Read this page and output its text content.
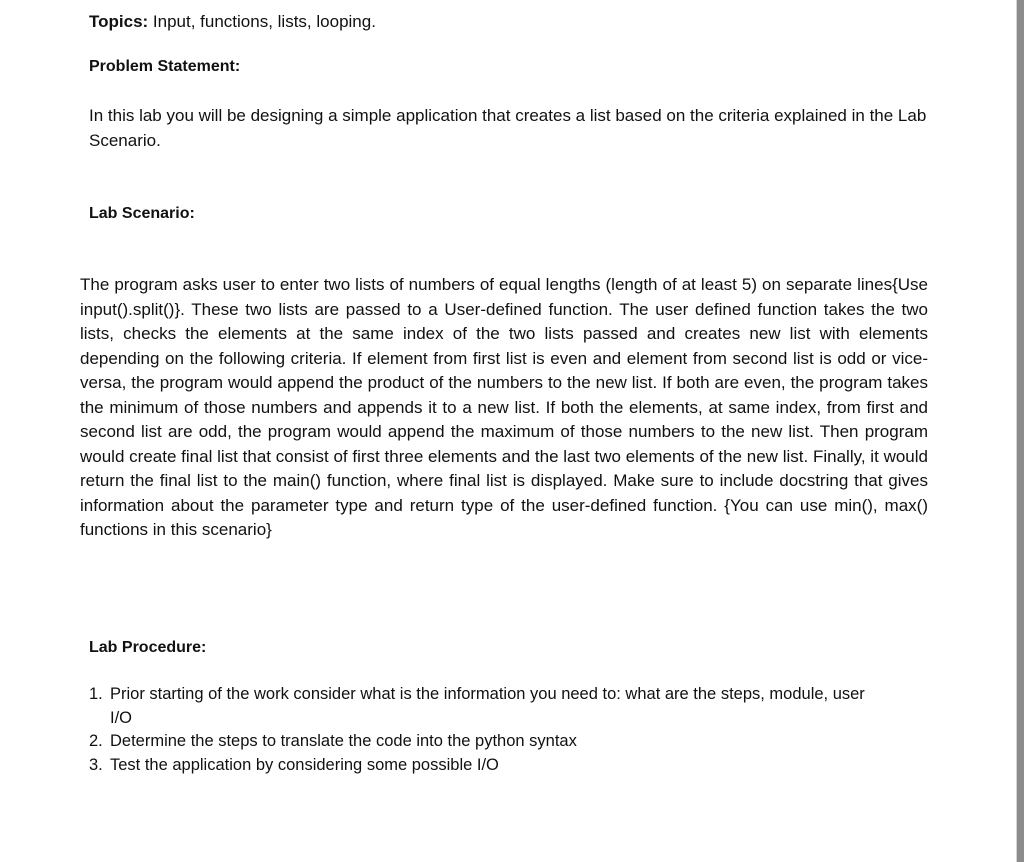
Topics: Input, functions, lists, looping.
Problem Statement:

In this lab you will be designing a simple application that creates a list based on the criteria explained in the Lab Scenario.

Lab Scenario:

The program asks user to enter two lists of numbers of equal lengths (length of at least 5) on separate lines{Use input().split()}. These two lists are passed to a User-defined function. The user defined function takes the two lists, checks the elements at the same index of the two lists passed and creates new list with elements depending on the following criteria. If element from first list is even and element from second list is odd or vice-versa, the program would append the product of the numbers to the new list. If both are even, the program takes the minimum of those numbers and appends it to a new list. If both the elements, at same index, from first and second list are odd, the program would append the maximum of those numbers to the new list. Then program would create final list that consist of first three elements and the last two elements of the new list. Finally, it would return the final list to the main() function, where final list is displayed. Make sure to include docstring that gives information about the parameter type and return type of the user-defined function. {You can use min(), max() functions in this scenario}

Lab Procedure:
1. Prior starting of the work consider what is the information you need to: what are the steps, module, user I/O
2. Determine the steps to translate the code into the python syntax
3. Test the application by considering some possible I/O
